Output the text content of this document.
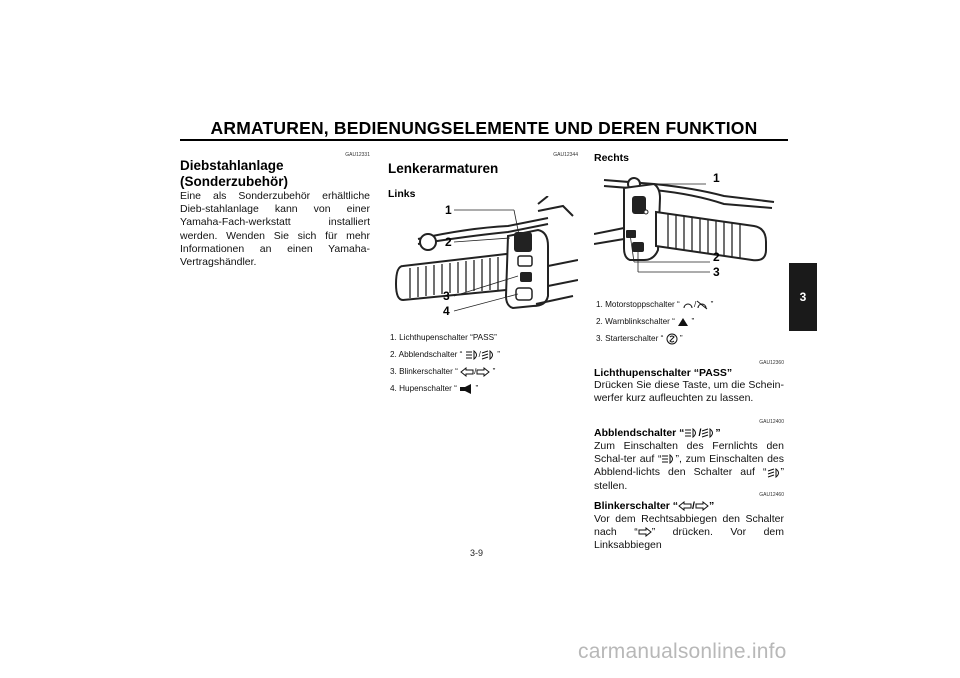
ARMATUREN, BEDIENUNGSELEMENTE UND DEREN FUNKTION
3
GAU12331
Diebstahlanlage
(Sonderzubehör)
Eine als Sonderzubehör erhältliche Dieb-stahlanlage kann von einer Yamaha-Fach-werkstatt installiert werden. Wenden Sie sich für mehr Informationen an einen Yamaha-Vertragshändler.
GAU12344
Lenkerarmaturen
Links
1
2
3
4
1. Lichthupenschalter “PASS”
2. Abblendschalter “ / ”
3. Blinkerschalter “ / ”
4. Hupenschalter “ ”
Rechts
1
2
3
1. Motorstoppschalter “ / ”
2. Warnblinkschalter “ ”
3. Starterschalter “ ”
GAU12360
Lichthupenschalter “PASS”
Drücken Sie diese Taste, um die Schein-werfer kurz aufleuchten zu lassen.
GAU12400
Abblendschalter “ / ”
Zum Einschalten des Fernlichts den Schal-ter auf “ ”, zum Einschalten des Abblend-lichts den Schalter auf “ ” stellen.
GAU12460
Blinkerschalter “ / ”
Vor dem Rechtsabbiegen den Schalter nach “ ” drücken. Vor dem Linksabbiegen
3-9
carmanualsonline.info
